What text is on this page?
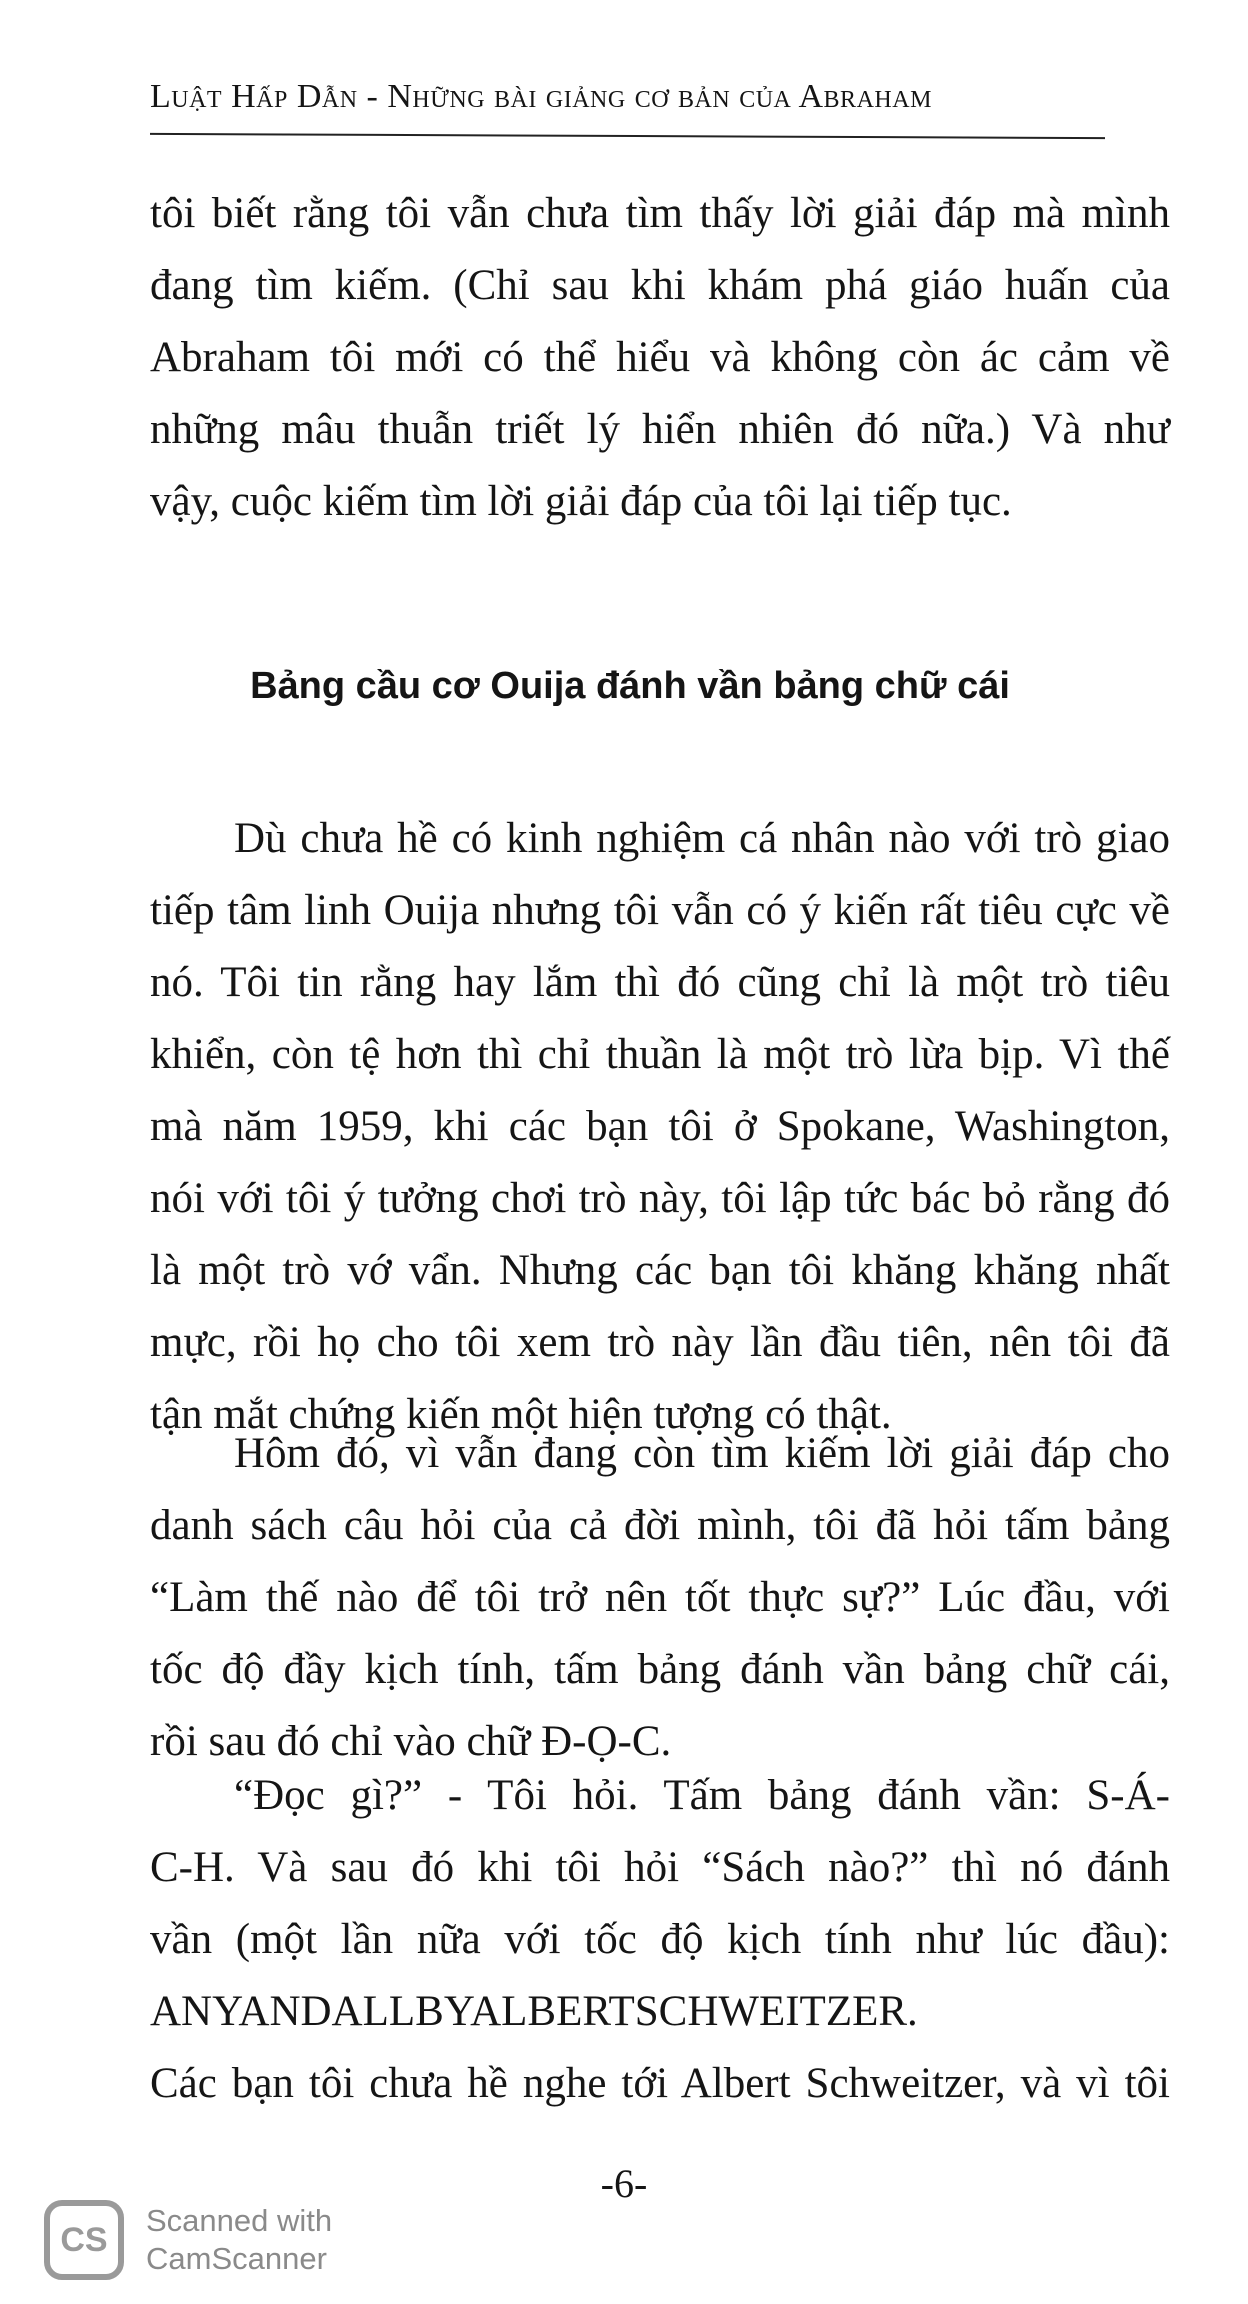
Luật Hấp Dẫn - Những bài giảng cơ bản của Abraham
tôi biết rằng tôi vẫn chưa tìm thấy lời giải đáp mà mình
đang tìm kiếm. (Chỉ sau khi khám phá giáo huấn của
Abraham tôi mới có thể hiểu và không còn ác cảm về
những mâu thuẫn triết lý hiển nhiên đó nữa.) Và như
vậy, cuộc kiếm tìm lời giải đáp của tôi lại tiếp tục.
Bảng cầu cơ Ouija đánh vần bảng chữ cái
Dù chưa hề có kinh nghiệm cá nhân nào với trò giao
tiếp tâm linh Ouija nhưng tôi vẫn có ý kiến rất tiêu cực về
nó. Tôi tin rằng hay lắm thì đó cũng chỉ là một trò tiêu
khiển, còn tệ hơn thì chỉ thuần là một trò lừa bịp. Vì thế
mà năm 1959, khi các bạn tôi ở Spokane, Washington,
nói với tôi ý tưởng chơi trò này, tôi lập tức bác bỏ rằng đó
là một trò vớ vẩn. Nhưng các bạn tôi khăng khăng nhất
mực, rồi họ cho tôi xem trò này lần đầu tiên, nên tôi đã
tận mắt chứng kiến một hiện tượng có thật.
Hôm đó, vì vẫn đang còn tìm kiếm lời giải đáp cho
danh sách câu hỏi của cả đời mình, tôi đã hỏi tấm bảng
“Làm thế nào để tôi trở nên tốt thực sự?” Lúc đầu, với
tốc độ đầy kịch tính, tấm bảng đánh vần bảng chữ cái,
rồi sau đó chỉ vào chữ Đ-Ọ-C.
“Đọc gì?” - Tôi hỏi. Tấm bảng đánh vần: S-Á-
C-H. Và sau đó khi tôi hỏi “Sách nào?” thì nó đánh
vần (một lần nữa với tốc độ kịch tính như lúc đầu):
ANYANDALLBYALBERTSCHWEITZER.
Các bạn tôi chưa hề nghe tới Albert Schweitzer, và vì tôi
-6-
CS	Scanned with
CamScanner
